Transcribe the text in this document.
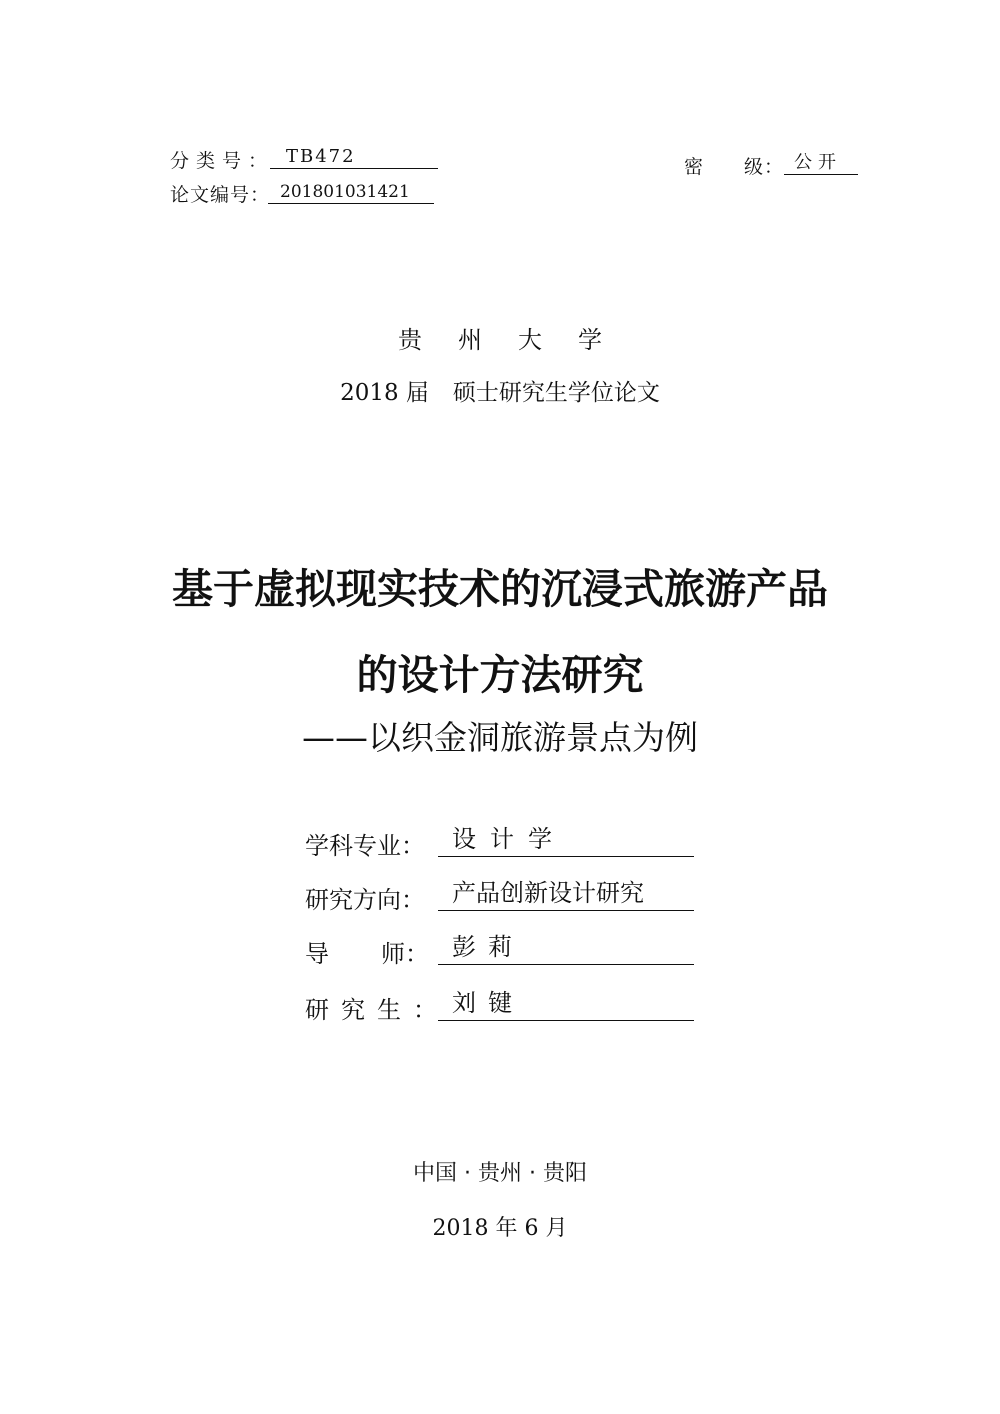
分类号： TB472
论文编号： 201801031421
密 级： 公开
贵州大学
2018 届 硕士研究生学位论文
基于虚拟现实技术的沉浸式旅游产品
的设计方法研究
——以织金洞旅游景点为例
学科专业：	设计学
研究方向：	产品创新设计研究
导 师： 彭莉
研究生： 刘键
中国 · 贵州 · 贵阳
2018 年 6 月
